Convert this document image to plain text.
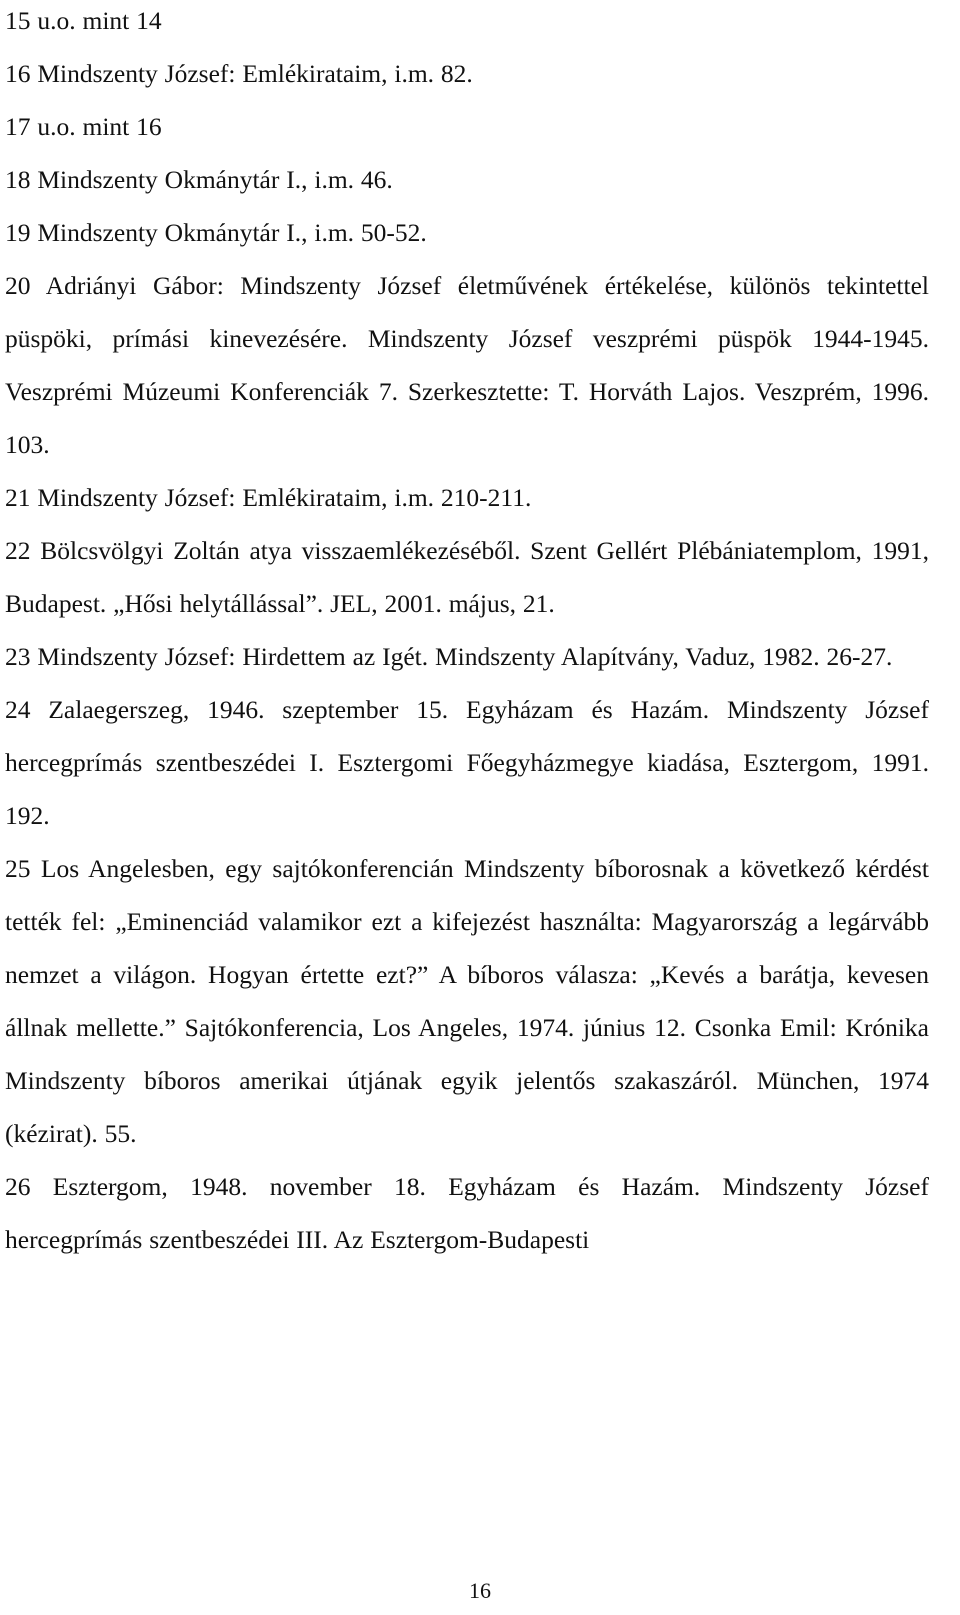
15 u.o. mint 14

16 Mindszenty József: Emlékirataim, i.m. 82.

17 u.o. mint 16

18 Mindszenty Okmánytár I., i.m. 46.

19 Mindszenty Okmánytár I., i.m. 50-52.

20 Adriányi Gábor: Mindszenty József életművének értékelése, különös tekintettel püspöki, prímási kinevezésére. Mindszenty József veszprémi püspök 1944-1945. Veszprémi Múzeumi Konferenciák 7. Szerkesztette: T. Horváth Lajos. Veszprém, 1996. 103.

21 Mindszenty József: Emlékirataim, i.m. 210-211.

22 Bölcsvölgyi Zoltán atya visszaemlékezéséből. Szent Gellért Plébániatemplom, 1991, Budapest. „Hősi helytállással”. JEL, 2001. május, 21.

23 Mindszenty József: Hirdettem az Igét. Mindszenty Alapítvány, Vaduz, 1982. 26-27.

24 Zalaegerszeg, 1946. szeptember 15. Egyházam és Hazám. Mindszenty József hercegprímás szentbeszédei I. Esztergomi Főegyházmegye kiadása, Esztergom, 1991. 192.

25 Los Angelesben, egy sajtókonferencián Mindszenty bíborosnak a következő kérdést tették fel: „Eminenciád valamikor ezt a kifejezést használta: Magyarország a legárvább nemzet a világon. Hogyan értette ezt?” A bíboros válasza: „Kevés a barátja, kevesen állnak mellette.” Sajtókonferencia, Los Angeles, 1974. június 12. Csonka Emil: Krónika Mindszenty bíboros amerikai útjának egyik jelentős szakaszáról. München, 1974 (kézirat). 55.

26 Esztergom, 1948. november 18. Egyházam és Hazám. Mindszenty József hercegprímás szentbeszédei III. Az Esztergom-Budapesti

16
